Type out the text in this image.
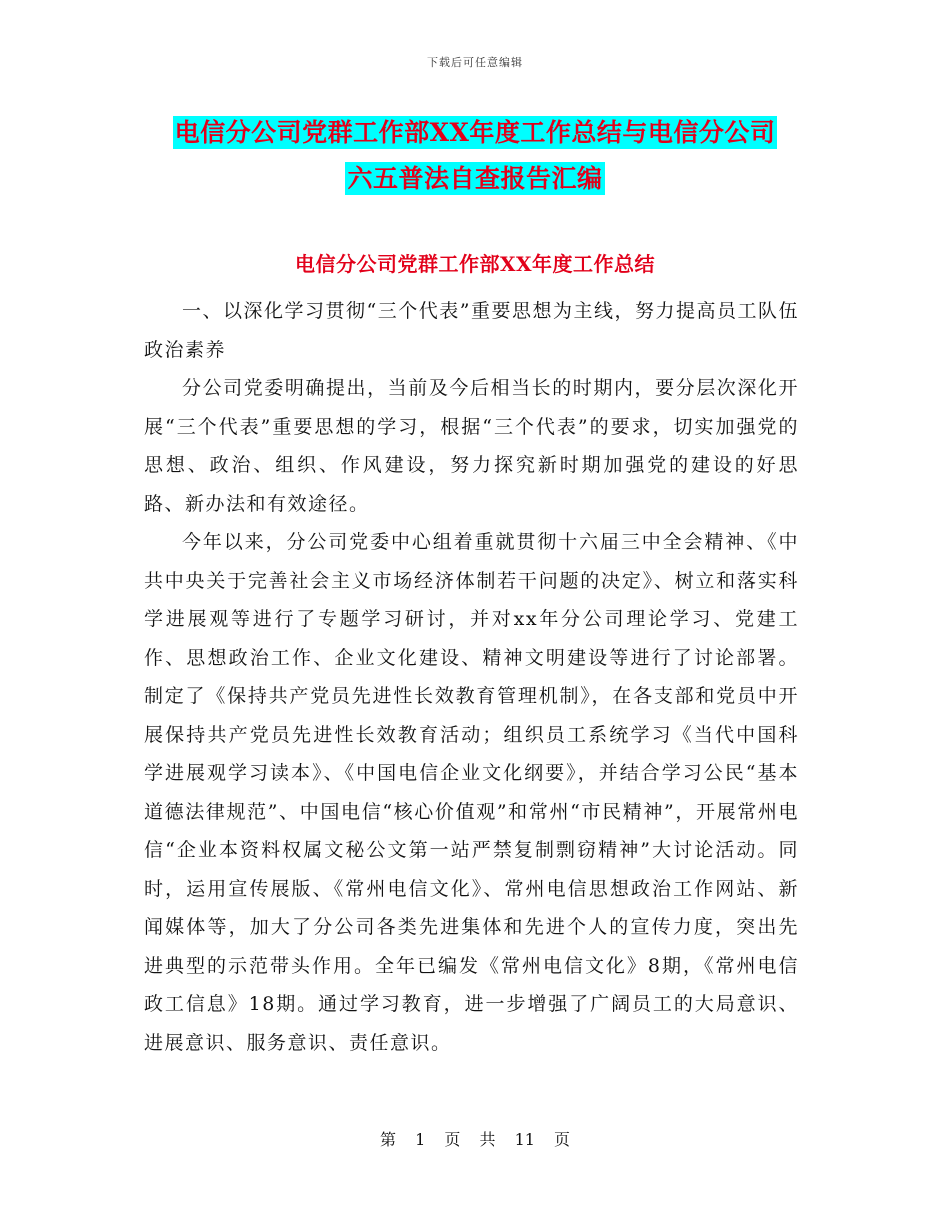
下载后可任意编辑
电信分公司党群工作部XX年度工作总结与电信分公司
六五普法自查报告汇编
电信分公司党群工作部XX年度工作总结

一、以深化学习贯彻“三个代表”重要思想为主线，努力提高员工队伍政治素养

分公司党委明确提出，当前及今后相当长的时期内，要分层次深化开展“三个代表”重要思想的学习，根据“三个代表”的要求，切实加强党的思想、政治、组织、作风建设，努力探究新时期加强党的建设的好思路、新办法和有效途径。

今年以来，分公司党委中心组着重就贯彻十六届三中全会精神、《中共中央关于完善社会主义市场经济体制若干问题的决定》、树立和落实科学进展观等进行了专题学习研讨，并对xx年分公司理论学习、党建工作、思想政治工作、企业文化建设、精神文明建设等进行了讨论部署。制定了《保持共产党员先进性长效教育管理机制》，在各支部和党员中开展保持共产党员先进性长效教育活动；组织员工系统学习《当代中国科学进展观学习读本》、《中国电信企业文化纲要》，并结合学习公民“基本道德法律规范”、中国电信“核心价值观”和常州“市民精神”，开展常州电信“企业本资料权属文秘公文第一站严禁复制剽窃精神”大讨论活动。同时，运用宣传展版、《常州电信文化》、常州电信思想政治工作网站、新闻媒体等，加大了分公司各类先进集体和先进个人的宣传力度，突出先进典型的示范带头作用。全年已编发《常州电信文化》8期，《常州电信政工信息》18期。通过学习教育，进一步增强了广阔员工的大局意识、进展意识、服务意识、责任意识。

第 1 页 共 11 页
